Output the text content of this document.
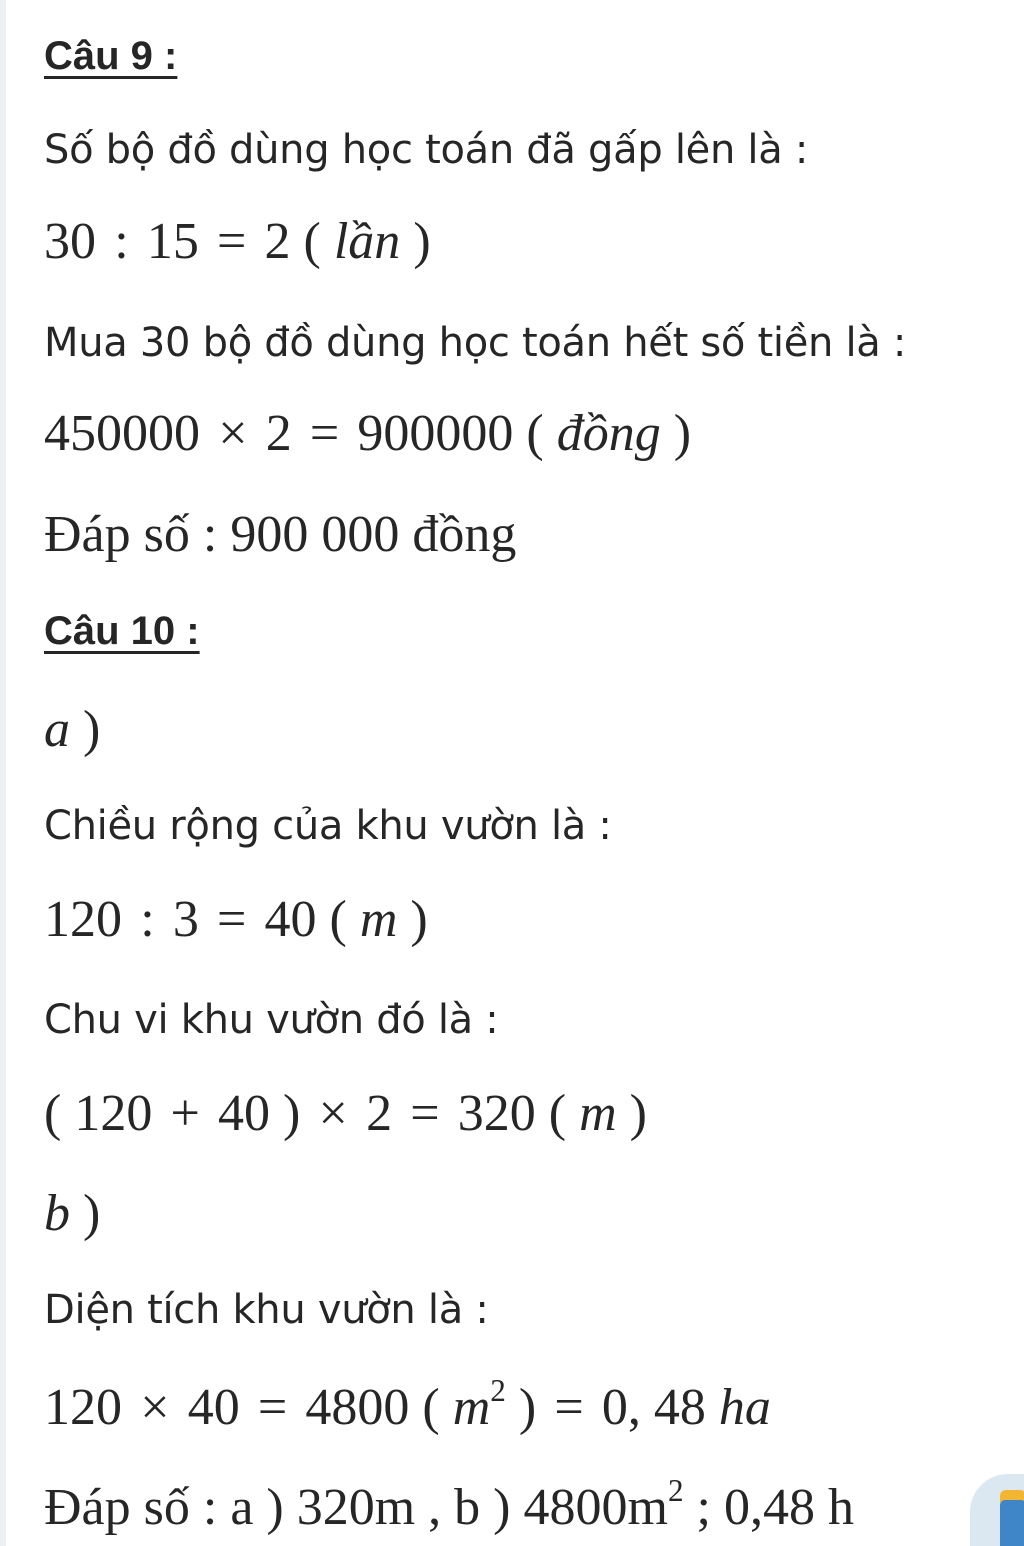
Câu 9 :
Số bộ đồ dùng học toán đã gấp lên là :
30 : 15 = 2 ( lần )
Mua 30 bộ đồ dùng học toán hết số tiền là :
450000 × 2 = 900000 ( đồng )
Đáp số : 900 000 đồng
Câu 10 :
a )
Chiều rộng của khu vườn là :
120 : 3 = 40 ( m )
Chu vi khu vườn đó là :
( 120 + 40 ) × 2 = 320 ( m )
b )
Diện tích khu vườn là :
120 × 40 = 4800 ( $m^2$ ) = 0, 48 ha
Đáp số : a ) 320m , b ) $4800m^2$ ; 0,48 h
